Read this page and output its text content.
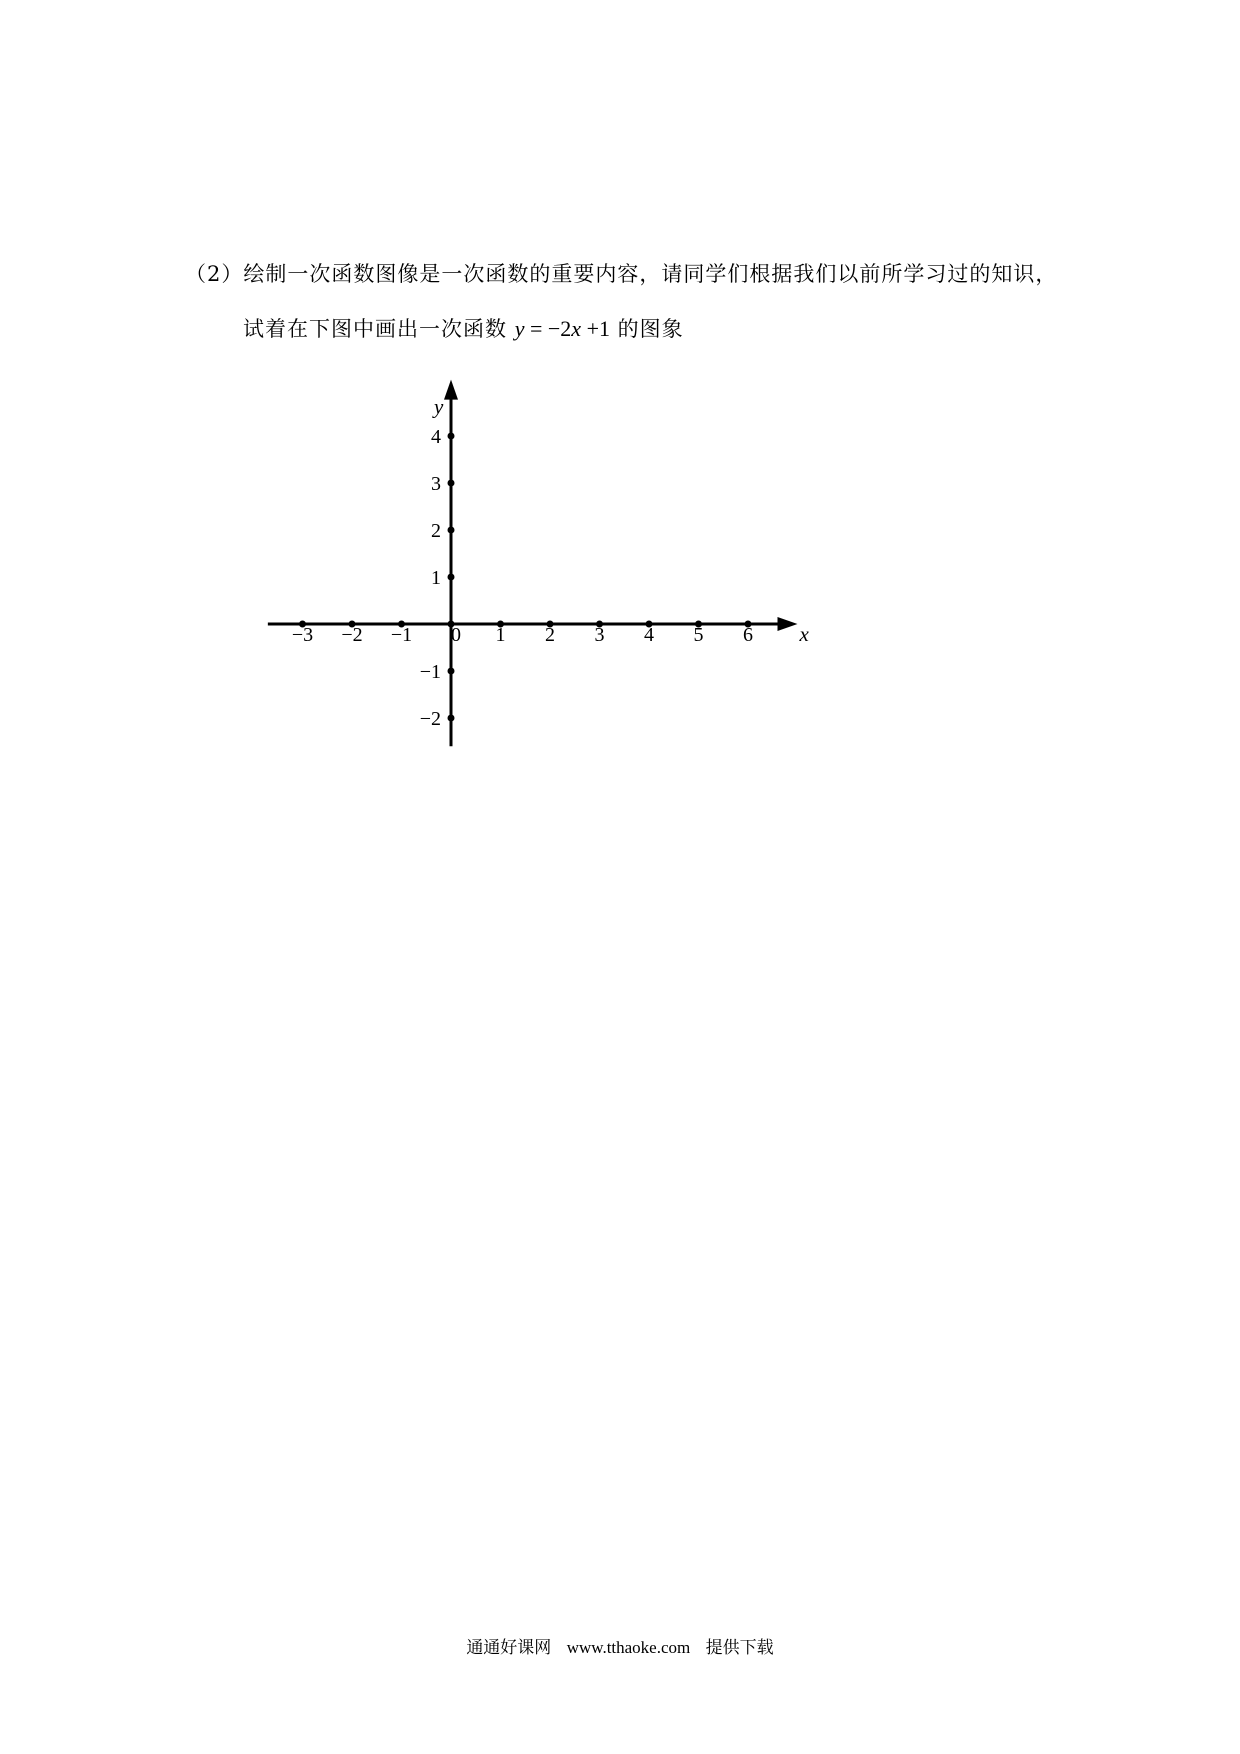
（2）绘制一次函数图像是一次函数的重要内容，请同学们根据我们以前所学习过的知识，
试着在下图中画出一次函数 y = −2x +1 的图象
−3 −2 −1 0 1 2 3 4 5 6
4
3
2
1
−1
−2
x
y
通通好课网 www.tthaoke.com 提供下载
